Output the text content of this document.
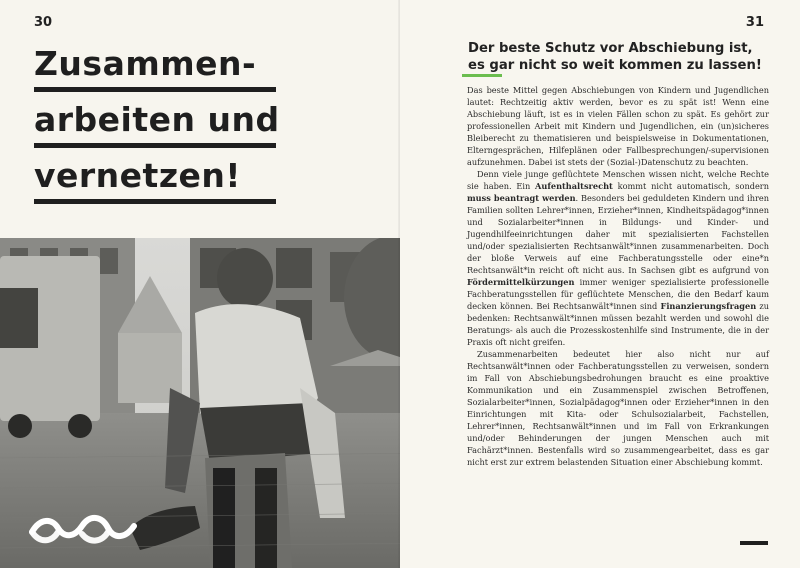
30
Zusammen-
arbeiten und
vernetzen!
31
Der beste Schutz vor Abschiebung ist, es gar nicht so weit kommen zu lassen!

Das beste Mittel gegen Abschiebungen von Kindern und Jugendlichen lautet: Rechtzeitig aktiv werden, bevor es zu spät ist! Wenn eine Abschiebung läuft, ist es in vielen Fällen schon zu spät. Es gehört zur professionellen Arbeit mit Kindern und Jugendlichen, ein (un)sicheres Bleiberecht zu thematisieren und beispielsweise in Dokumentationen, Elterngesprächen, Hilfeplänen oder Fallbesprechungen/-supervisionen aufzunehmen. Dabei ist stets der (Sozial-)Datenschutz zu beachten.

Denn viele junge geflüchtete Menschen wissen nicht, welche Rechte sie haben. Ein Aufenthaltsrecht kommt nicht automatisch, sondern muss beantragt werden. Besonders bei geduldeten Kindern und ihren Familien sollten Lehrer*innen, Erzieher*innen, Kindheitspädagog*innen und Sozialarbeiter*innen in Bildungs- und Kinder- und Jugendhilfeeinrichtungen daher mit spezialisierten Fachstellen und/oder spezialisierten Rechtsanwält*innen zusammenarbeiten. Doch der bloße Verweis auf eine Fachberatungsstelle oder eine*n Rechtsanwält*in reicht oft nicht aus. In Sachsen gibt es aufgrund von Fördermittelkürzungen immer weniger spezialisierte professionelle Fachberatungsstellen für geflüchtete Menschen, die den Bedarf kaum decken können. Bei Rechtsanwält*innen sind Finanzierungsfragen zu bedenken: Rechtsanwält*innen müssen bezahlt werden und sowohl die Beratungs- als auch die Prozesskostenhilfe sind Instrumente, die in der Praxis oft nicht greifen.

Zusammenarbeiten bedeutet hier also nicht nur auf Rechtsanwält*innen oder Fachberatungsstellen zu verweisen, sondern im Fall von Abschiebungsbedrohungen braucht es eine proaktive Kommunikation und ein Zusammenspiel zwischen Betroffenen, Sozialarbeiter*innen, Sozialpädagog*innen oder Erzieher*innen in den Einrichtungen mit Kita- oder Schulsozialarbeit, Fachstellen, Lehrer*innen, Rechtsanwält*innen und im Fall von Erkrankungen und/oder Behinderungen der jungen Menschen auch mit Fachärzt*innen. Bestenfalls wird so zusammengearbeitet, dass es gar nicht erst zur extrem belastenden Situation einer Abschiebung kommt.
